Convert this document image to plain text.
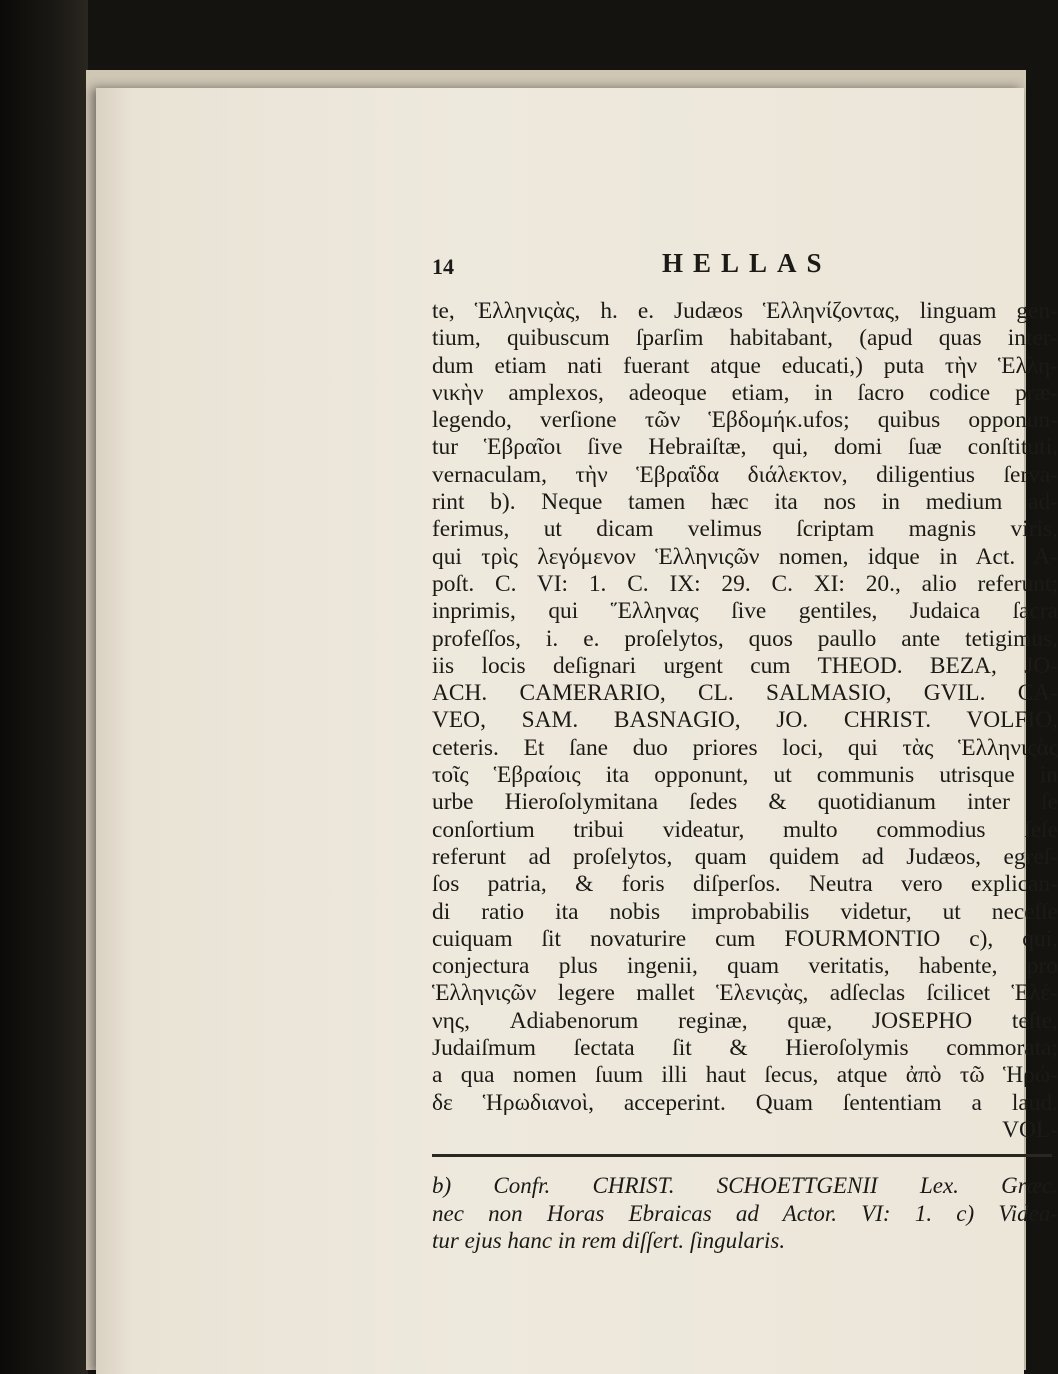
14	HELLAS
te, Ἑλληνιςὰς, h. e. Judæos Ἑλληνίζοντας, linguam gen-
tium, quibuscum ſparſim habitabant, (apud quas inter-
dum etiam nati fuerant atque educati,) puta τὴν Ἑλλη-
νικὴν amplexos, adeoque etiam, in ſacro codice præ-
legendo, verſione τῶν Ἑβδομήκ.ufos; quibus opponun-
tur Ἑβραῖοι ſive Hebraiſtæ, qui, domi ſuæ conſtituti,
vernaculam, τὴν Ἑβραΐδα διάλεκτον, diligentius ſerva-
rint b). Neque tamen hæc ita nos in medium ad-
ferimus, ut dicam velimus ſcriptam magnis viris,
qui τρὶς λεγόμενον Ἑλληνιςῶν nomen, idque in Act. A-
poſt. C. VI: 1. C. IX: 29. C. XI: 20., alio referunt;
inprimis, qui Ἕλληνας ſive gentiles, Judaica ſacra
profeſſos, i. e. proſelytos, quos paullo ante tetigimus,
iis locis deſignari urgent cum THEOD. BEZA, JO-
ACH. CAMERARIO, CL. SALMASIO, GVIL. CA-
VEO, SAM. BASNAGIO, JO. CHRIST. VOLFIO,
ceteris. Et ſane duo priores loci, qui τὰς Ἑλληνιςὰς
τοῖς Ἑβραίοις ita opponunt, ut communis utrisque in
urbe Hieroſolymitana ſedes & quotidianum inter ſe
conſortium tribui videatur, multo commodius ſeſe
referunt ad proſelytos, quam quidem ad Judæos, egreſ-
ſos patria, & foris diſperſos. Neutra vero explican-
di ratio ita nobis improbabilis videtur, ut neceſſe
cuiquam ſit novaturire cum FOURMONTIO c), qui,
conjectura plus ingenii, quam veritatis, habente, pro
Ἑλληνιςῶν legere mallet Ἑλενιςὰς, adſeclas ſcilicet Ἑλέ-
νης, Adiabenorum reginæ, quæ, JOSEPHO teſte,
Judaiſmum ſectata ſit & Hieroſolymis commorata;
a qua nomen ſuum illi haut ſecus, atque ἀπὸ τῶ Ἡρώ-
δε Ἡρωδιανοὶ, acceperint. Quam ſententiam a laud.
VOL-
b) Confr. CHRIST. SCHOETTGENII Lex. Græc.
nec non Horas Ebraicas ad Actor. VI: 1. c) Videa-
tur ejus hanc in rem diſſert. ſingularis.
